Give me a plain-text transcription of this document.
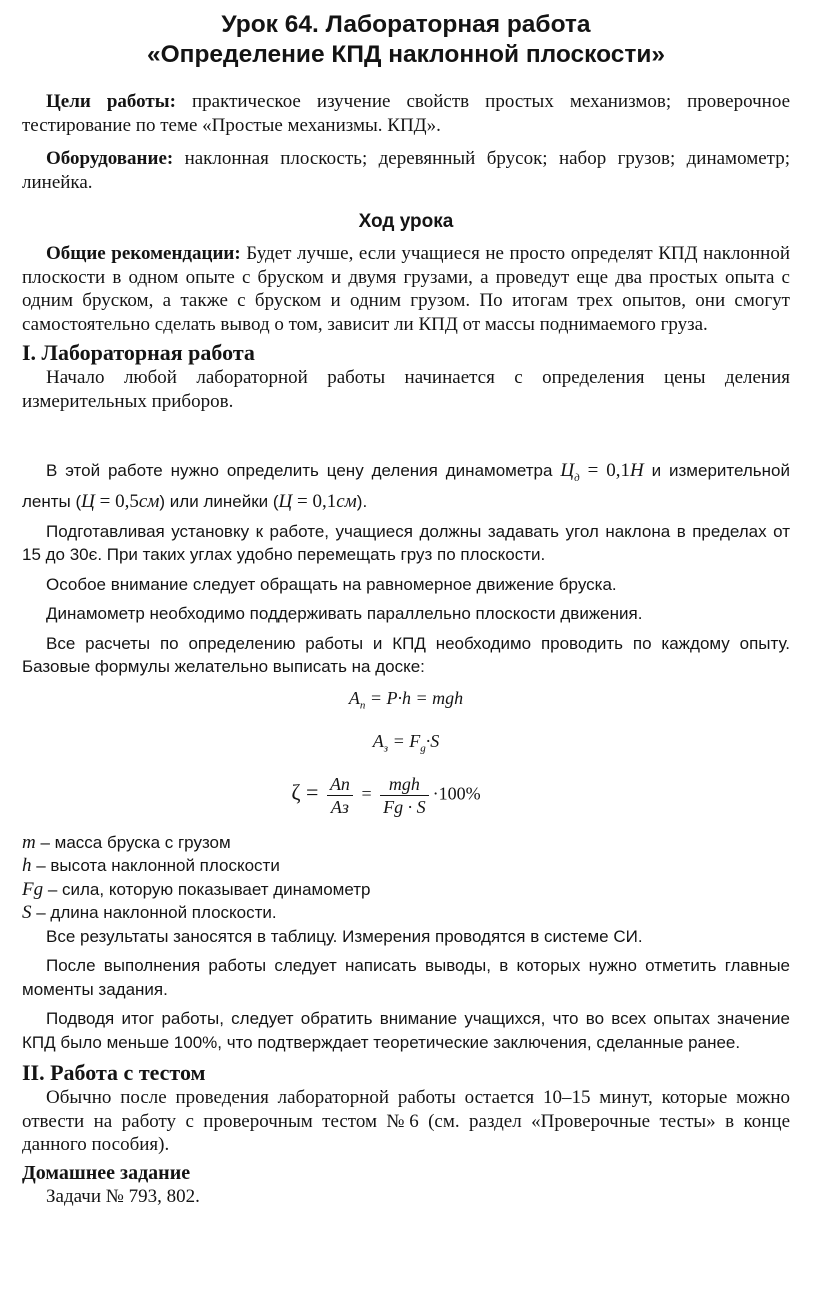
Урок 64. Лабораторная работа
«Определение КПД наклонной плоскости»

Цели работы: практическое изучение свойств простых механизмов; проверочное тестирование по теме «Простые механизмы. КПД».

Оборудование: наклонная плоскость; деревянный брусок; набор грузов; динамометр; линейка.

Ход урока

Общие рекомендации: Будет лучше, если учащиеся не просто определят КПД наклонной плоскости в одном опыте с бруском и двумя грузами, а проведут еще два простых опыта с одним бруском, а также с бруском и одним грузом. По итогам трех опытов, они смогут самостоятельно сделать вывод о том, зависит ли КПД от массы поднимаемого груза.

I. Лабораторная работа

Начало любой лабораторной работы начинается с определения цены деления измерительных приборов.

В этой работе нужно определить цену деления динамометра $Ц_д = 0,1Н$ и измерительной ленты (Ц = 0,5см) или линейки (Ц = 0,1см).

Подготавливая установку к работе, учащиеся должны задавать угол наклона в пределах от 15 до 30є. При таких углах удобно перемещать груз по плоскости.

Особое внимание следует обращать на равномерное движение бруска.

Динамометр необходимо поддерживать параллельно плоскости движения.

Все расчеты по определению работы и КПД необходимо проводить по каждому опыту. Базовые формулы желательно выписать на доске:

$A_п = P\cdot h$ = mgh
$A_з = F_g\cdot S$
$\zeta = \frac{Aп}{Aз} = \frac{\text{mgh}}{Fg \cdot S} \cdot 100\%$
m – масса бруска с грузом
h – высота наклонной плоскости
Fg – сила, которую показывает динамометр
S – длина наклонной плоскости.

Все результаты заносятся в таблицу. Измерения проводятся в системе СИ.

После выполнения работы следует написать выводы, в которых нужно отметить главные моменты задания.

Подводя итог работы, следует обратить внимание учащихся, что во всех опытах значение КПД было меньше 100%, что подтверждает теоретические заключения, сделанные ранее.

II. Работа с тестом

Обычно после проведения лабораторной работы остается 10–15 минут, которые можно отвести на работу с проверочным тестом №6 (см. раздел «Проверочные тесты» в конце данного пособия).

Домашнее задание

Задачи № 793, 802.
